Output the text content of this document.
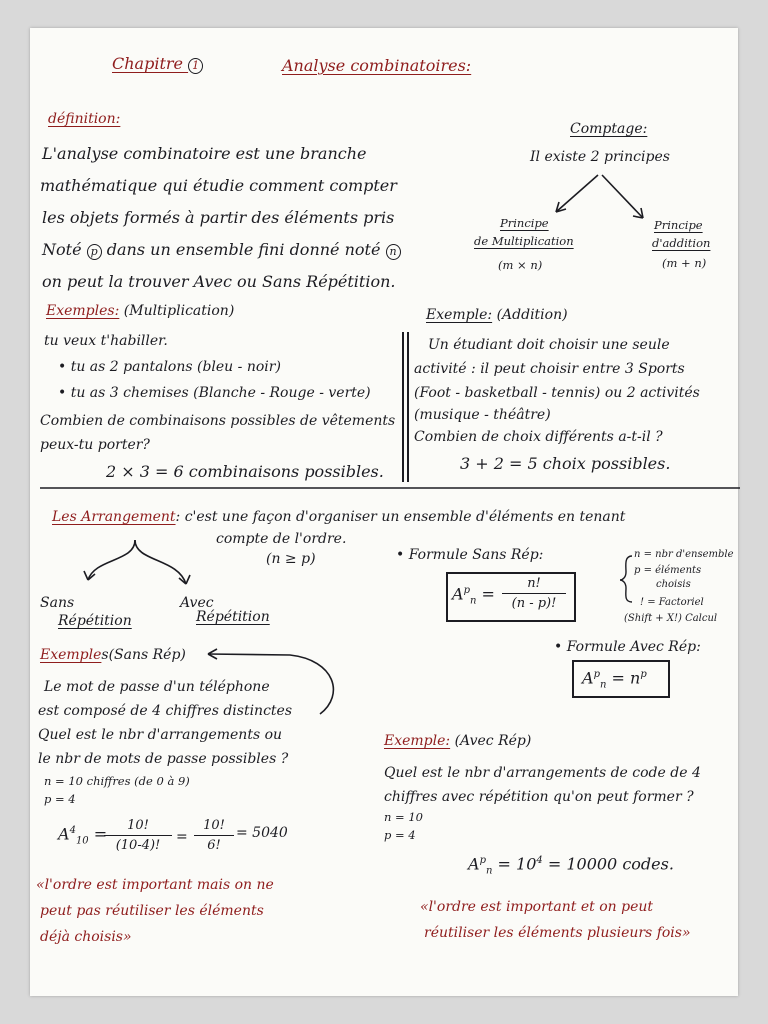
Chapitre 1	Analyse combinatoires:
définition:
L'analyse combinatoire est une branche
mathématique qui étudie comment compter
les objets formés à partir des éléments pris
Noté p dans un ensemble fini donné noté n
on peut la trouver Avec ou Sans Répétition.
Comptage:
Il existe 2 principes
Principe
de Multiplication
(m × n)
Principe
d'addition
(m + n)
Exemples: (Multiplication)
tu veux t'habiller.
• tu as 2 pantalons (bleu - noir)
• tu as 3 chemises (Blanche - Rouge - verte)
Combien de combinaisons possibles de vêtements
peux-tu porter?
2 × 3 = 6 combinaisons possibles.
Exemple: (Addition)
Un étudiant doit choisir une seule
activité : il peut choisir entre 3 Sports
(Foot - basketball - tennis) ou 2 activités
(musique - théâtre)
Combien de choix différents a-t-il ?
3 + 2 = 5 choix possibles.
Les Arrangement: c'est une façon d'organiser un ensemble d'éléments en tenant
compte de l'ordre.
(n ≥ p)
Sans
Répétition
Avec
Répétition
• Formule Sans Rép:
$A^p_n = \frac{n!}{(n - p)!}$
n = nbr d'ensemble
p = éléments
choisis
! = Factoriel
(Shift + X!) Calcul
• Formule Avec Rép:
$A^p_n = n^p$
Exemples(Sans Rép)
Le mot de passe d'un téléphone
est composé de 4 chiffres distinctes
Quel est le nbr d'arrangements ou
le nbr de mots de passe possibles ?
n = 10 chiffres (de 0 à 9)
p = 4
$A^4_{10}$ =
$\frac{10!}{(10-4)!} = \frac{10!}{6!} = 5040$
«l'ordre est important mais on ne
peut pas réutiliser les éléments
déjà choisis»
Exemple: (Avec Rép)
Quel est le nbr d'arrangements de code de 4
chiffres avec répétition qu'on peut former ?
n = 10
p = 4
$A^p_n = 10^4 = 10000$ codes.
«l'ordre est important et on peut
réutiliser les éléments plusieurs fois»
